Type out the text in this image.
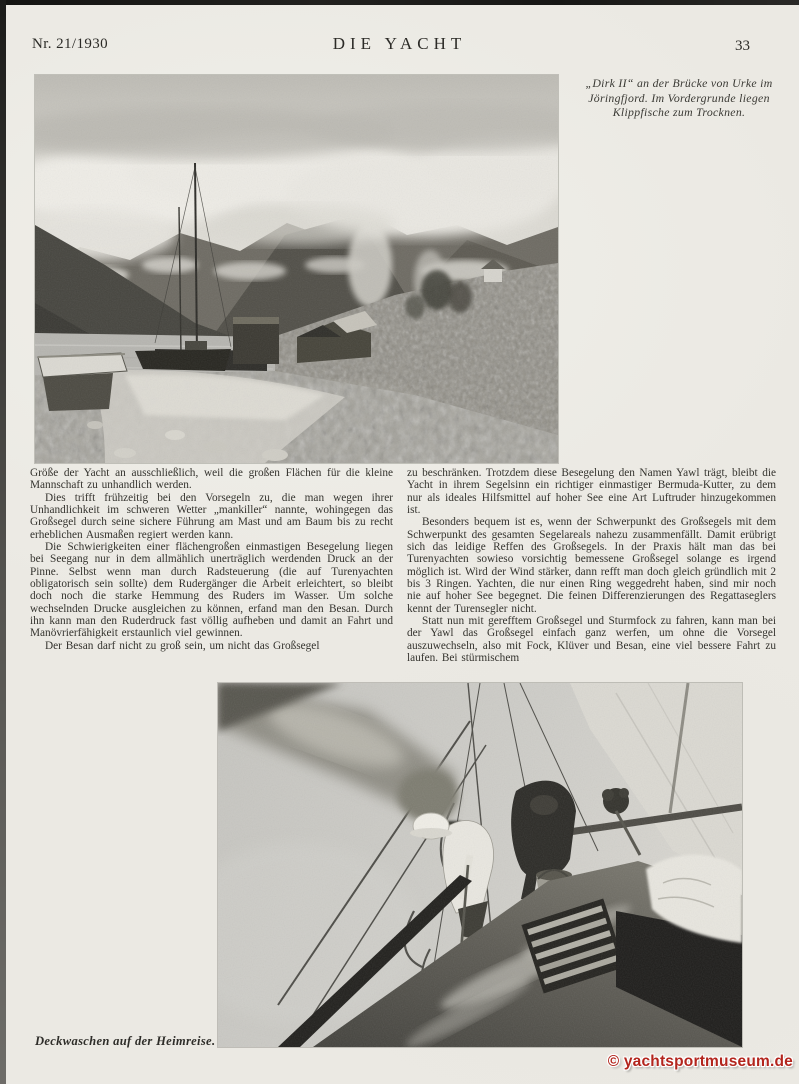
Nr. 21/1930	DIE YACHT	33
„Dirk II“ an der Brücke von Urke im Jöringfjord. Im Vordergrunde liegen Klippfische zum Trocknen.

Größe der Yacht an ausschließlich, weil die großen Flächen für die kleine Mannschaft zu unhandlich werden.

Dies trifft frühzeitig bei den Vorsegeln zu, die man wegen ihrer Unhandlichkeit im schweren Wetter „mankiller“ nannte, wohingegen das Großsegel durch seine sichere Führung am Mast und am Baum bis zu recht erheblichen Ausmaßen regiert werden kann.

Die Schwierigkeiten einer flächengroßen einmastigen Besegelung liegen bei Seegang nur in dem allmählich unerträglich werdenden Druck an der Pinne. Selbst wenn man durch Radsteuerung (die auf Turenyachten obligatorisch sein sollte) dem Rudergänger die Arbeit erleichtert, so bleibt doch noch die starke Hemmung des Ruders im Wasser. Um solche wechselnden Drucke ausgleichen zu können, erfand man den Besan. Durch ihn kann man den Ruderdruck fast völlig aufheben und damit an Fahrt und Manövrierfähigkeit erstaunlich viel gewinnen.

Der Besan darf nicht zu groß sein, um nicht das Großsegel

zu beschränken. Trotzdem diese Besegelung den Namen Yawl trägt, bleibt die Yacht in ihrem Segelsinn ein richtiger einmastiger Bermuda-Kutter, zu dem nur als ideales Hilfsmittel auf hoher See eine Art Luftruder hinzugekommen ist.

Besonders bequem ist es, wenn der Schwerpunkt des Großsegels mit dem Schwerpunkt des gesamten Segelareals nahezu zusammenfällt. Damit erübrigt sich das leidige Reffen des Großsegels. In der Praxis hält man das bei Turenyachten sowieso vorsichtig bemessene Großsegel solange es irgend möglich ist. Wird der Wind stärker, dann refft man doch gleich gründlich mit 2 bis 3 Ringen. Yachten, die nur einen Ring weggedreht haben, sind mir noch nie auf hoher See begegnet. Die feinen Differenzierungen des Regattaseglers kennt der Turensegler nicht.

Statt nun mit gerefftem Großsegel und Sturmfock zu fahren, kann man bei der Yawl das Großsegel einfach ganz werfen, um ohne die Vorsegel auszuwechseln, also mit Fock, Klüver und Besan, eine viel bessere Fahrt zu laufen. Bei stürmischem

Deckwaschen auf der Heimreise.
© yachtsportmuseum.de
